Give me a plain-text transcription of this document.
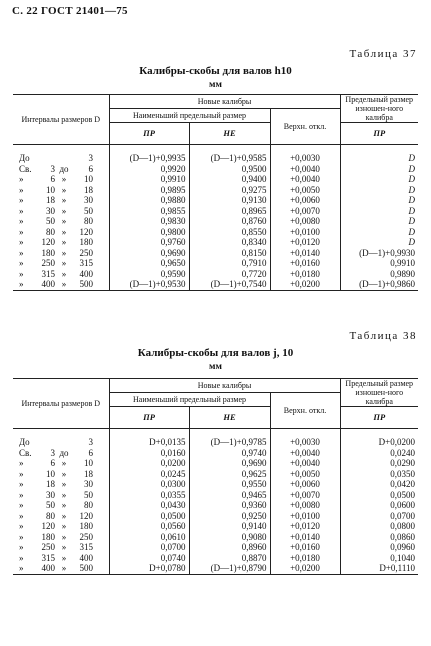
С. 22 ГОСТ 21401—75
Таблица 37
Калибры-скобы для валов h10
мм
Интервалы размеров D	Новые калибры			Предельный размер изношен-ного калибра
	Наименьший предельный размер		Верхн. откл.	
	ПР	НЕ		ПР

До 3	(D—1)+0,9935	(D—1)+0,9585	+0,0030	D
Св. 3 до 6	0,9920	0,9500	+0,0040	D
» 6 » 10	0,9910	0,9400	+0,0040	D
» 10 » 18	0,9895	0,9275	+0,0050	D
» 18 » 30	0,9880	0,9130	+0,0060	D
» 30 » 50	0,9855	0,8965	+0,0070	D
» 50 » 80	0,9830	0,8760	+0,0080	D
» 80 » 120	0,9800	0,8550	+0,0100	D
» 120 » 180	0,9760	0,8340	+0,0120	D
» 180 » 250	0,9690	0,8150	+0,0140	(D—1)+0,9930
» 250 » 315	0,9650	0,7910	+0,0160	0,9910
» 315 » 400	0,9590	0,7720	+0,0180	0,9890
» 400 » 500	(D—1)+0,9530	(D—1)+0,7540	+0,0200	(D—1)+0,9860
Таблица 38
Калибры-скобы для валов j, 10
мм
Интервалы размеров D	Новые калибры			Предельный размер изношен-ного калибра
	Наименьший предельный размер		Верхн. откл.	
	ПР	НЕ		ПР

До 3	D+0,0135	(D—1)+0,9785	+0,0030	D+0,0200
Св. 3 до 6	0,0160	0,9740	+0,0040	0,0240
» 6 » 10	0,0200	0,9690	+0,0040	0,0290
» 10 » 18	0,0245	0,9625	+0,0050	0,0350
» 18 » 30	0,0300	0,9550	+0,0060	0,0420
» 30 » 50	0,0355	0,9465	+0,0070	0,0500
» 50 » 80	0,0430	0,9360	+0,0080	0,0600
» 80 » 120	0,0500	0,9250	+0,0100	0,0700
» 120 » 180	0,0560	0,9140	+0,0120	0,0800
» 180 » 250	0,0610	0,9080	+0,0140	0,0860
» 250 » 315	0,0700	0,8960	+0,0160	0,0960
» 315 » 400	0,0740	0,8870	+0,0180	0,1040
» 400 » 500	D+0,0780	(D—1)+0,8790	+0,0200	D+0,1110
